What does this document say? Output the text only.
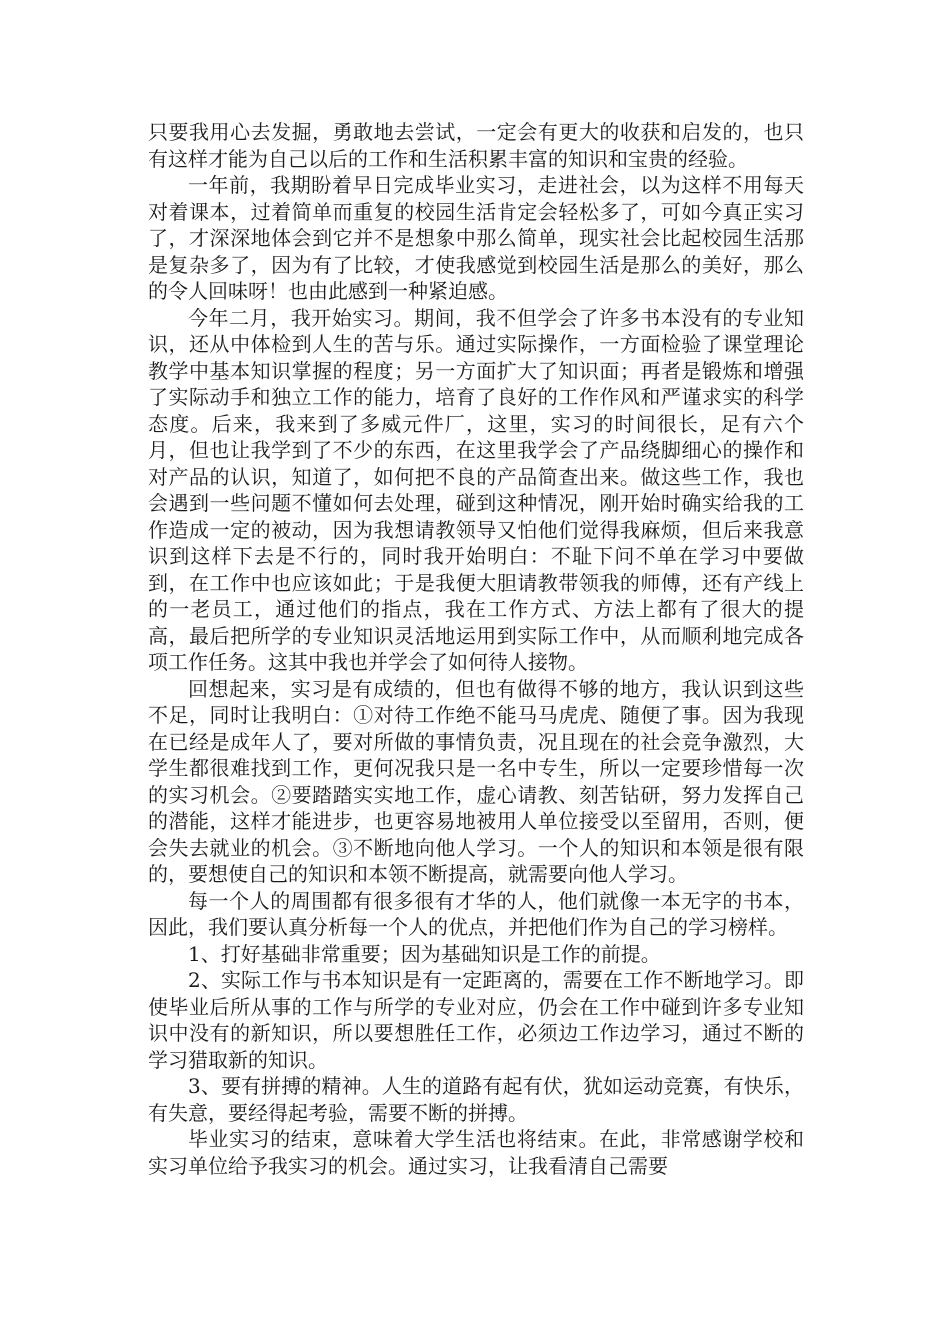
只要我用心去发掘，勇敢地去尝试，一定会有更大的收获和启发的，也只有这样才能为自己以后的工作和生活积累丰富的知识和宝贵的经验。

一年前，我期盼着早日完成毕业实习，走进社会，以为这样不用每天对着课本，过着简单而重复的校园生活肯定会轻松多了，可如今真正实习了，才深深地体会到它并不是想象中那么简单，现实社会比起校园生活那是复杂多了，因为有了比较，才使我感觉到校园生活是那么的美好，那么的令人回味呀！也由此感到一种紧迫感。

今年二月，我开始实习。期间，我不但学会了许多书本没有的专业知识，还从中体检到人生的苦与乐。通过实际操作，一方面检验了课堂理论教学中基本知识掌握的程度；另一方面扩大了知识面；再者是锻炼和增强了实际动手和独立工作的能力，培育了良好的工作作风和严谨求实的科学态度。后来，我来到了多威元件厂，这里，实习的时间很长，足有六个月，但也让我学到了不少的东西，在这里我学会了产品绕脚细心的操作和对产品的认识，知道了，如何把不良的产品简查出来。做这些工作，我也会遇到一些问题不懂如何去处理，碰到这种情况，刚开始时确实给我的工作造成一定的被动，因为我想请教领导又怕他们觉得我麻烦，但后来我意识到这样下去是不行的，同时我开始明白：不耻下问不单在学习中要做到，在工作中也应该如此；于是我便大胆请教带领我的师傅，还有产线上的一老员工，通过他们的指点，我在工作方式、方法上都有了很大的提高，最后把所学的专业知识灵活地运用到实际工作中，从而顺利地完成各项工作任务。这其中我也并学会了如何待人接物。

回想起来，实习是有成绩的，但也有做得不够的地方，我认识到这些不足，同时让我明白：①对待工作绝不能马马虎虎、随便了事。因为我现在已经是成年人了，要对所做的事情负责，况且现在的社会竞争激烈，大学生都很难找到工作，更何况我只是一名中专生，所以一定要珍惜每一次的实习机会。②要踏踏实实地工作，虚心请教、刻苦钻研，努力发挥自己的潜能，这样才能进步，也更容易地被用人单位接受以至留用，否则，便会失去就业的机会。③不断地向他人学习。一个人的知识和本领是很有限的，要想使自己的知识和本领不断提高，就需要向他人学习。

每一个人的周围都有很多很有才华的人，他们就像一本无字的书本，因此，我们要认真分析每一个人的优点，并把他们作为自己的学习榜样。

1、打好基础非常重要；因为基础知识是工作的前提。

2、实际工作与书本知识是有一定距离的，需要在工作不断地学习。即使毕业后所从事的工作与所学的专业对应，仍会在工作中碰到许多专业知识中没有的新知识，所以要想胜任工作，必须边工作边学习，通过不断的学习猎取新的知识。

3、要有拼搏的精神。人生的道路有起有伏，犹如运动竞赛，有快乐，有失意，要经得起考验，需要不断的拼搏。

毕业实习的结束，意味着大学生活也将结束。在此，非常感谢学校和实习单位给予我实习的机会。通过实习，让我看清自己需要
